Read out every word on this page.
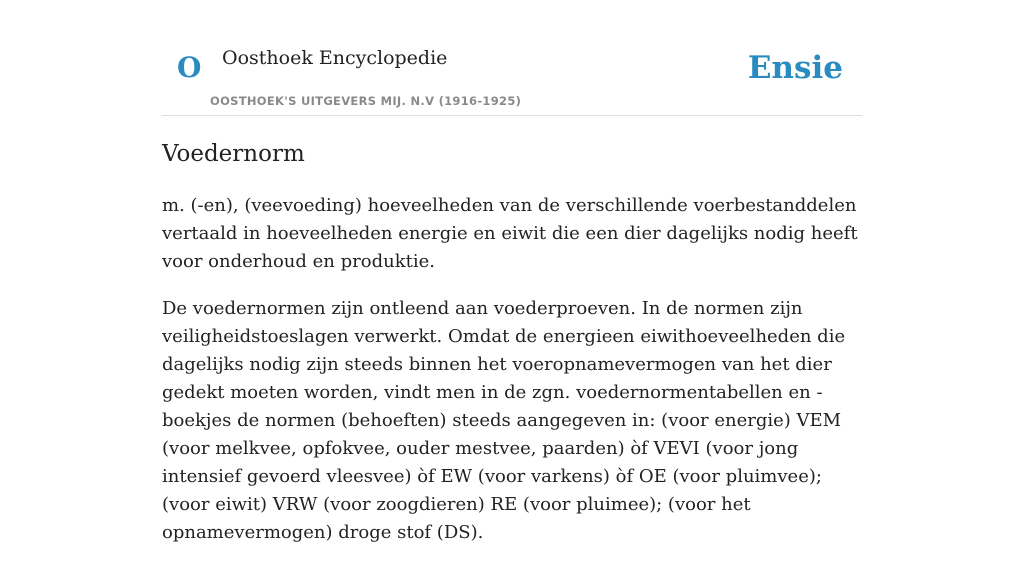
O Oosthoek Encyclopedie
OOSTHOEK'S UITGEVERS MIJ. N.V (1916-1925)
Ensie
Voedernorm

m. (-en), (veevoeding) hoeveelheden van de verschillende voerbestanddelen vertaald in hoeveelheden energie en eiwit die een dier dagelijks nodig heeft voor onderhoud en produktie.

De voedernormen zijn ontleend aan voederproeven. In de normen zijn veiligheidstoeslagen verwerkt. Omdat de energieen eiwithoeveelheden die dagelijks nodig zijn steeds binnen het voeropnamevermogen van het dier gedekt moeten worden, vindt men in de zgn. voedernormentabellen en -boekjes de normen (behoeften) steeds aangegeven in: (voor energie) VEM (voor melkvee, opfokvee, ouder mestvee, paarden) òf VEVI (voor jong intensief gevoerd vleesvee) òf EW (voor varkens) òf OE (voor pluimvee); (voor eiwit) VRW (voor zoogdieren) RE (voor pluimee); (voor het opnamevermogen) droge stof (DS).
